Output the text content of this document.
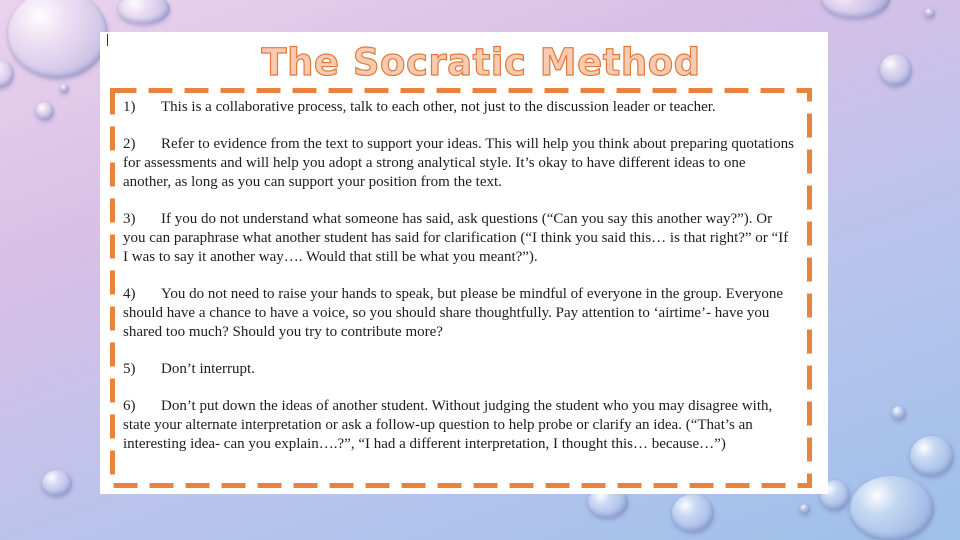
The Socratic Method
1) This is a collaborative process, talk to each other, not just to the discussion leader or teacher.
2) Refer to evidence from the text to support your ideas. This will help you think about preparing quotations for assessments and will help you adopt a strong analytical style. It’s okay to have different ideas to one another, as long as you can support your position from the text.
3) If you do not understand what someone has said, ask questions (“Can you say this another way?”). Or you can paraphrase what another student has said for clarification (“I think you said this… is that right?” or “If I was to say it another way…. Would that still be what you meant?”).
4) You do not need to raise your hands to speak, but please be mindful of everyone in the group. Everyone should have a chance to have a voice, so you should share thoughtfully. Pay attention to ‘airtime’- have you shared too much? Should you try to contribute more?
5) Don’t interrupt.
6) Don’t put down the ideas of another student. Without judging the student who you may disagree with, state your alternate interpretation or ask a follow-up question to help probe or clarify an idea. (“That’s an interesting idea- can you explain….?”, “I had a different interpretation, I thought this… because…”)
